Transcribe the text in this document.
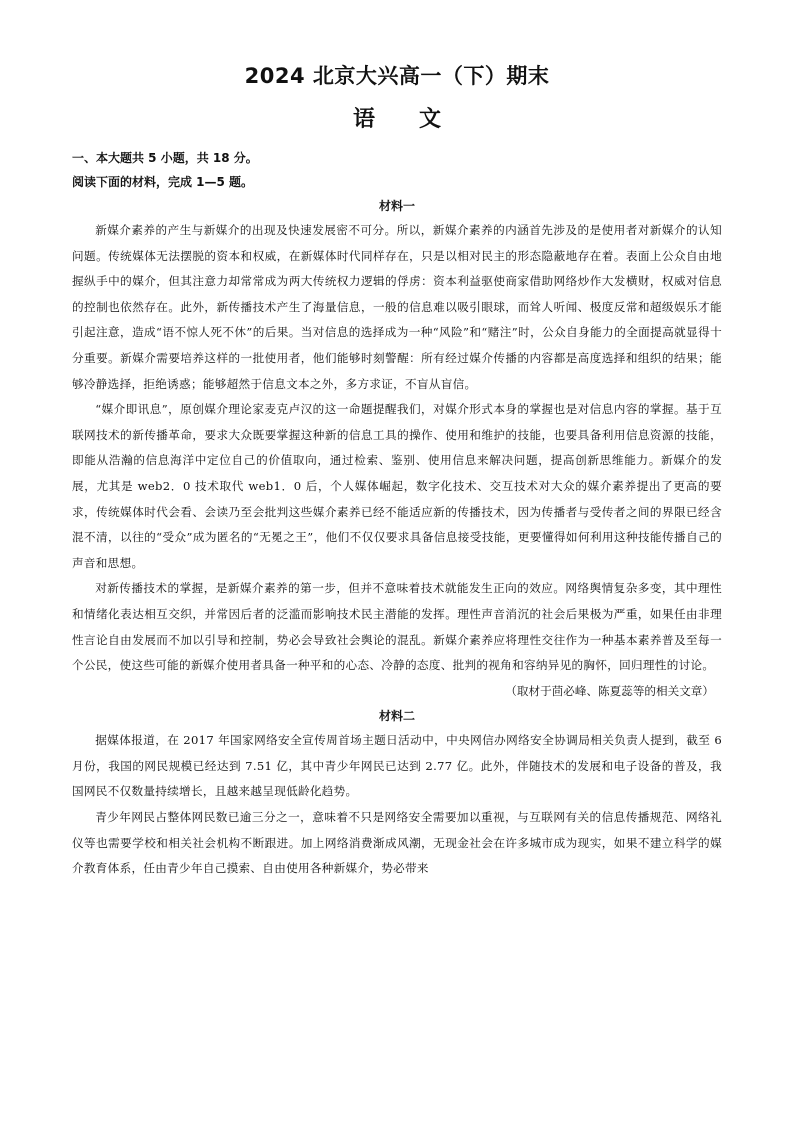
2024 北京大兴高一（下）期末
语 文

一、本大题共 5 小题，共 18 分。

阅读下面的材料，完成 1—5 题。

材料一

新媒介素养的产生与新媒介的出现及快速发展密不可分。所以，新媒介素养的内涵首先涉及的是使用者对新媒介的认知问题。传统媒体无法摆脱的资本和权威，在新媒体时代同样存在，只是以相对民主的形态隐蔽地存在着。表面上公众自由地握纵手中的媒介，但其注意力却常常成为两大传统权力逻辑的俘虏：资本利益驱使商家借助网络炒作大发横财，权威对信息的控制也依然存在。此外，新传播技术产生了海量信息，一般的信息难以吸引眼球，而耸人听闻、极度反常和超级娱乐才能引起注意，造成“语不惊人死不休”的后果。当对信息的选择成为一种“风险”和“赌注”时，公众自身能力的全面提高就显得十分重要。新媒介需要培养这样的一批使用者，他们能够时刻警醒：所有经过媒介传播的内容都是高度选择和组织的结果；能够冷静选择，拒绝诱惑；能够超然于信息文本之外，多方求证，不盲从盲信。

“媒介即讯息”，原创媒介理论家麦克卢汉的这一命题提醒我们，对媒介形式本身的掌握也是对信息内容的掌握。基于互联网技术的新传播革命，要求大众既要掌握这种新的信息工具的操作、使用和维护的技能，也要具备利用信息资源的技能，即能从浩瀚的信息海洋中定位自己的价值取向，通过检索、鉴别、使用信息来解决问题，提高创新思维能力。新媒介的发展，尤其是 web2．0 技术取代 web1．0 后，个人媒体崛起，数字化技术、交互技术对大众的媒介素养提出了更高的要求，传统媒体时代会看、会读乃至会批判这些媒介素养已经不能适应新的传播技术，因为传播者与受传者之间的界限已经含混不清，以往的“受众”成为匿名的“无冕之王”，他们不仅仅要求具备信息接受技能，更要懂得如何利用这种技能传播自己的声音和思想。

对新传播技术的掌握，是新媒介素养的第一步，但并不意味着技术就能发生正向的效应。网络舆情复杂多变，其中理性和情绪化表达相互交织，并常因后者的泛滥而影响技术民主潜能的发挥。理性声音消沉的社会后果极为严重，如果任由非理性言论自由发展而不加以引导和控制，势必会导致社会舆论的混乱。新媒介素养应将理性交往作为一种基本素养普及至每一个公民，使这些可能的新媒介使用者具备一种平和的心态、冷静的态度、批判的视角和容纳异见的胸怀，回归理性的讨论。

（取材于茴必峰、陈夏蕊等的相关文章）

材料二

据媒体报道，在 2017 年国家网络安全宣传周首场主题日活动中，中央网信办网络安全协调局相关负责人提到，截至 6 月份，我国的网民规模已经达到 7.51 亿，其中青少年网民已达到 2.77 亿。此外，伴随技术的发展和电子设备的普及，我国网民不仅数量持续增长，且越来越呈现低龄化趋势。

青少年网民占整体网民数已逾三分之一，意味着不只是网络安全需要加以重视，与互联网有关的信息传播规范、网络礼仪等也需要学校和相关社会机构不断跟进。加上网络消费渐成风潮，无现金社会在许多城市成为现实，如果不建立科学的媒介教育体系，任由青少年自己摸索、自由使用各种新媒介，势必带来
